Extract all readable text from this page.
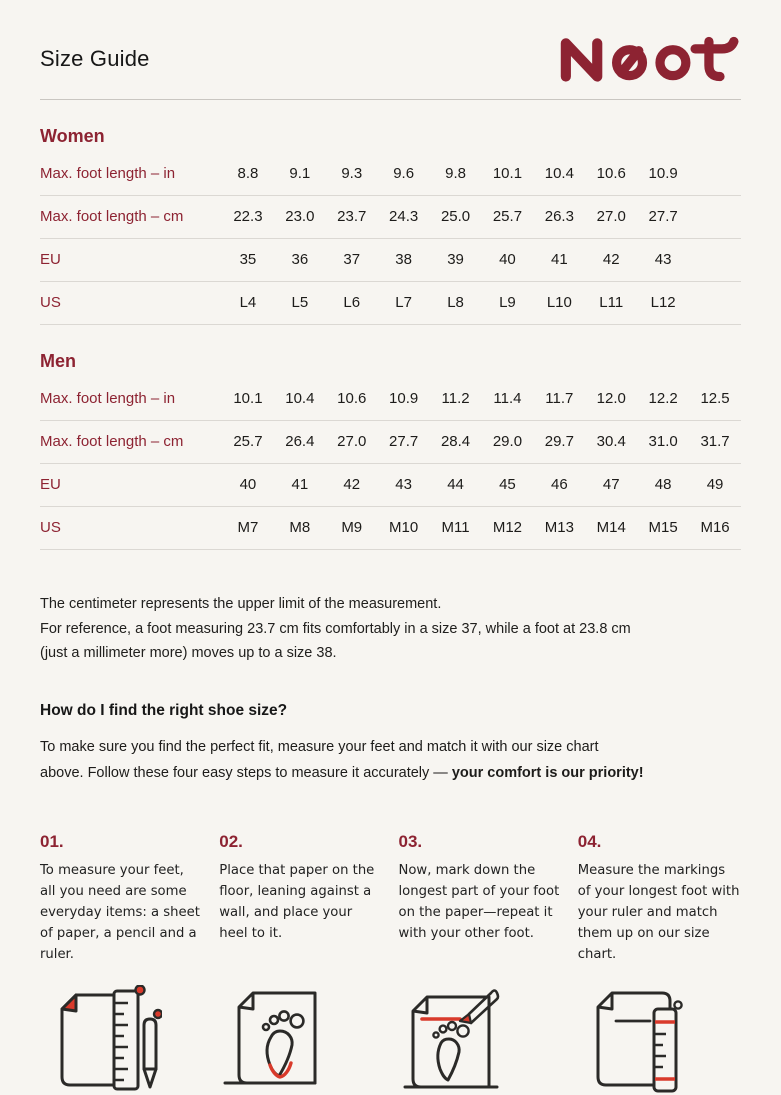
Size Guide
Women
Max. foot length – in	8.8	9.1	9.3	9.6	9.8	10.1	10.4	10.6	10.9
Max. foot length – cm	22.3	23.0	23.7	24.3	25.0	25.7	26.3	27.0	27.7
EU	35	36	37	38	39	40	41	42	43
US	L4	L5	L6	L7	L8	L9	L10	L11	L12
Men
Max. foot length – in	10.1	10.4	10.6	10.9	11.2	11.4	11.7	12.0	12.2	12.5
Max. foot length – cm	25.7	26.4	27.0	27.7	28.4	29.0	29.7	30.4	31.0	31.7
EU	40	41	42	43	44	45	46	47	48	49
US	M7	M8	M9	M10	M11	M12	M13	M14	M15	M16
The centimeter represents the upper limit of the measurement.
For reference, a foot measuring 23.7 cm fits comfortably in a size 37, while a foot at 23.8 cm
(just a millimeter more) moves up to a size 38.
How do I find the right shoe size?
To make sure you find the perfect fit, measure your feet and match it with our size chart
above. Follow these four easy steps to measure it accurately — your comfort is our priority!
01.
To measure your feet, all you need are some everyday items: a sheet of paper, a pencil and a ruler.
02.
Place that paper on the floor, leaning against a wall, and place your heel to it.
03.
Now, mark down the longest part of your foot on the paper—repeat it with your other foot.
04.
Measure the markings of your longest foot with your ruler and match them up on our size chart.
